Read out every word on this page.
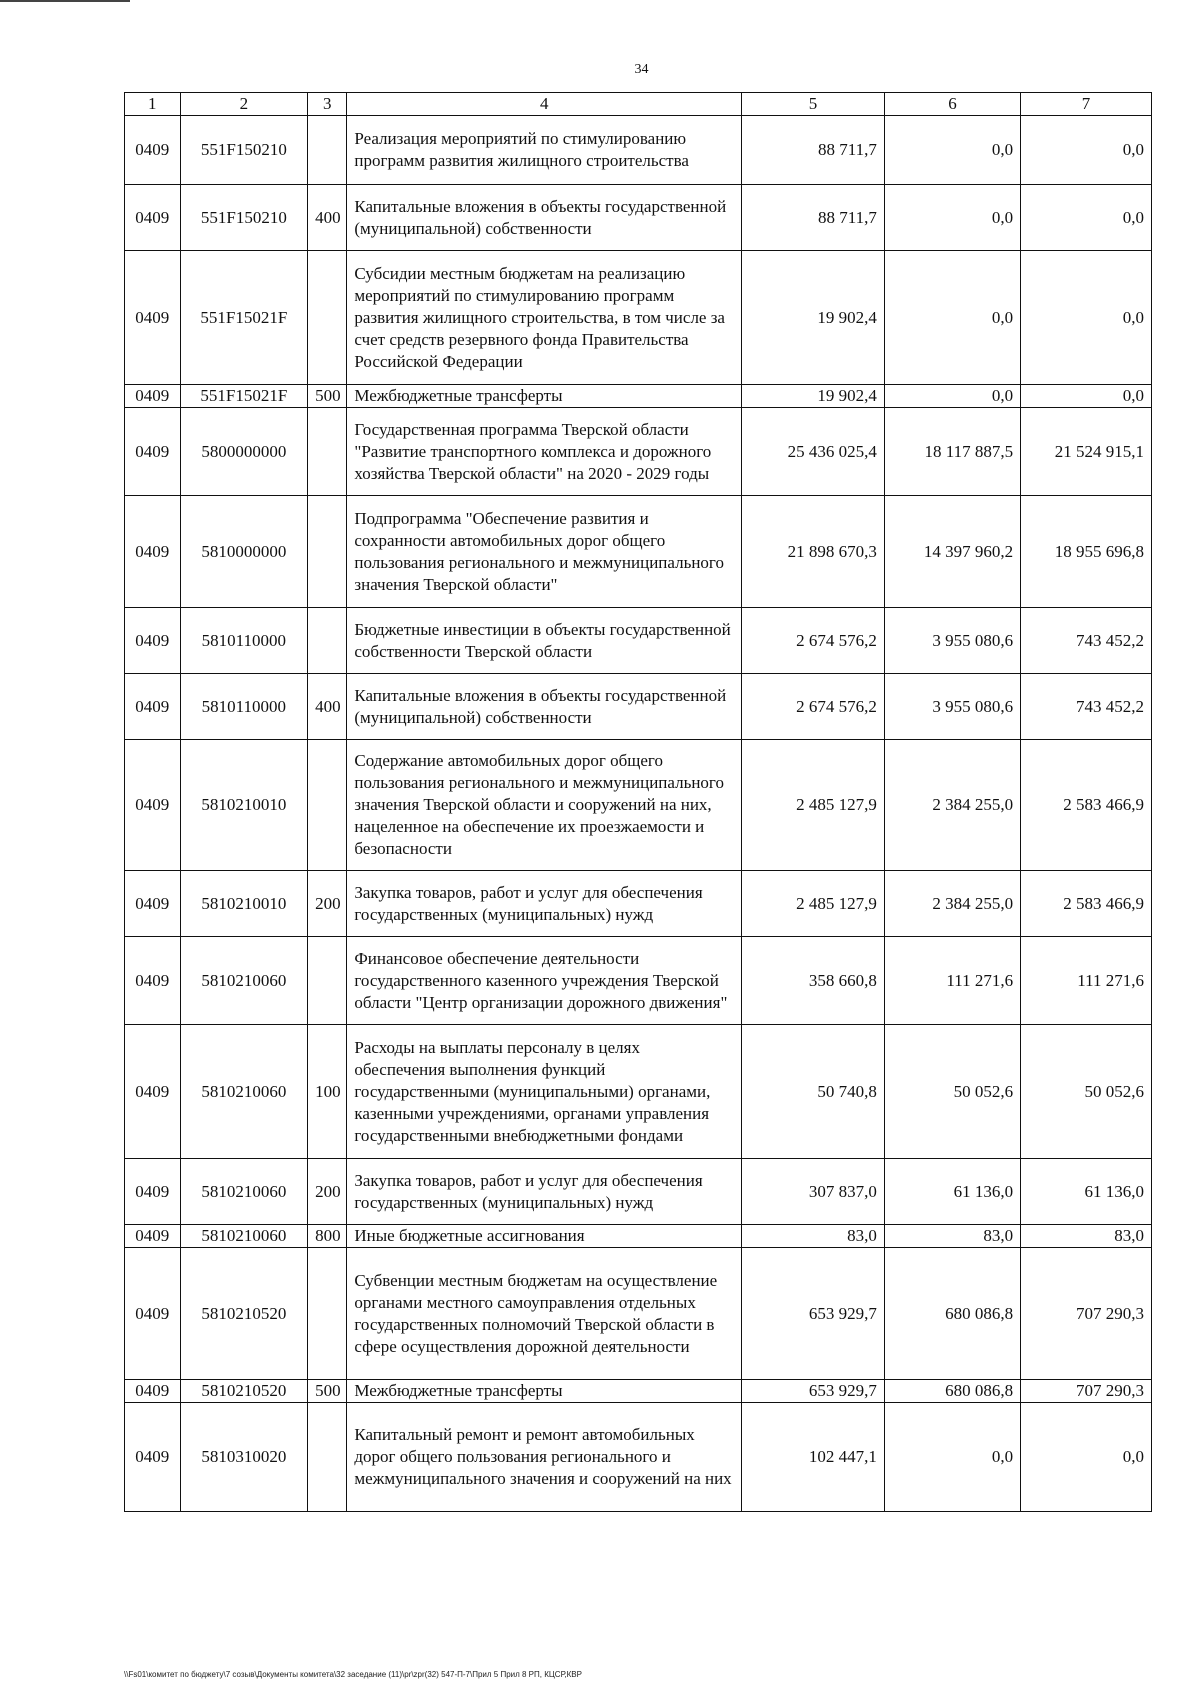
34
1	2	3	4	5	6	7
0409	551F150210		Реализация мероприятий по стимулированию программ развития жилищного строительства	88 711,7	0,0	0,0
0409	551F150210	400	Капитальные вложения в объекты государственной (муниципальной) собственности	88 711,7	0,0	0,0
0409	551F15021F		Субсидии местным бюджетам на реализацию мероприятий по стимулированию программ развития жилищного строительства, в том числе за счет средств резервного фонда Правительства Российской Федерации	19 902,4	0,0	0,0
0409	551F15021F	500	Межбюджетные трансферты	19 902,4	0,0	0,0
0409	5800000000		Государственная программа Тверской области "Развитие транспортного комплекса и дорожного хозяйства Тверской области" на 2020 - 2029 годы	25 436 025,4	18 117 887,5	21 524 915,1
0409	5810000000		Подпрограмма "Обеспечение развития и сохранности автомобильных дорог общего пользования регионального и межмуниципального значения Тверской области"	21 898 670,3	14 397 960,2	18 955 696,8
0409	5810110000		Бюджетные инвестиции в объекты государственной собственности Тверской области	2 674 576,2	3 955 080,6	743 452,2
0409	5810110000	400	Капитальные вложения в объекты государственной (муниципальной) собственности	2 674 576,2	3 955 080,6	743 452,2
0409	5810210010		Содержание автомобильных дорог общего пользования регионального и межмуниципального значения Тверской области и сооружений на них, нацеленное на обеспечение их проезжаемости и безопасности	2 485 127,9	2 384 255,0	2 583 466,9
0409	5810210010	200	Закупка товаров, работ и услуг для обеспечения государственных (муниципальных) нужд	2 485 127,9	2 384 255,0	2 583 466,9
0409	5810210060		Финансовое обеспечение деятельности государственного казенного учреждения Тверской области "Центр организации дорожного движения"	358 660,8	111 271,6	111 271,6
0409	5810210060	100	Расходы на выплаты персоналу в целях обеспечения выполнения функций государственными (муниципальными) органами, казенными учреждениями, органами управления государственными внебюджетными фондами	50 740,8	50 052,6	50 052,6
0409	5810210060	200	Закупка товаров, работ и услуг для обеспечения государственных (муниципальных) нужд	307 837,0	61 136,0	61 136,0
0409	5810210060	800	Иные бюджетные ассигнования	83,0	83,0	83,0
0409	5810210520		Субвенции местным бюджетам на осуществление органами местного самоуправления отдельных государственных полномочий Тверской области в сфере осуществления дорожной деятельности	653 929,7	680 086,8	707 290,3
0409	5810210520	500	Межбюджетные трансферты	653 929,7	680 086,8	707 290,3
0409	5810310020		Капитальный ремонт и ремонт автомобильных дорог общего пользования регионального и межмуниципального значения и сооружений на них	102 447,1	0,0	0,0
\\Fs01\комитет по бюджету\7 созыв\Документы комитета\32 заседание (11)\pr\zpr(32) 547-П-7\Прил 5 Прил 8 РП, КЦСР,КВР
